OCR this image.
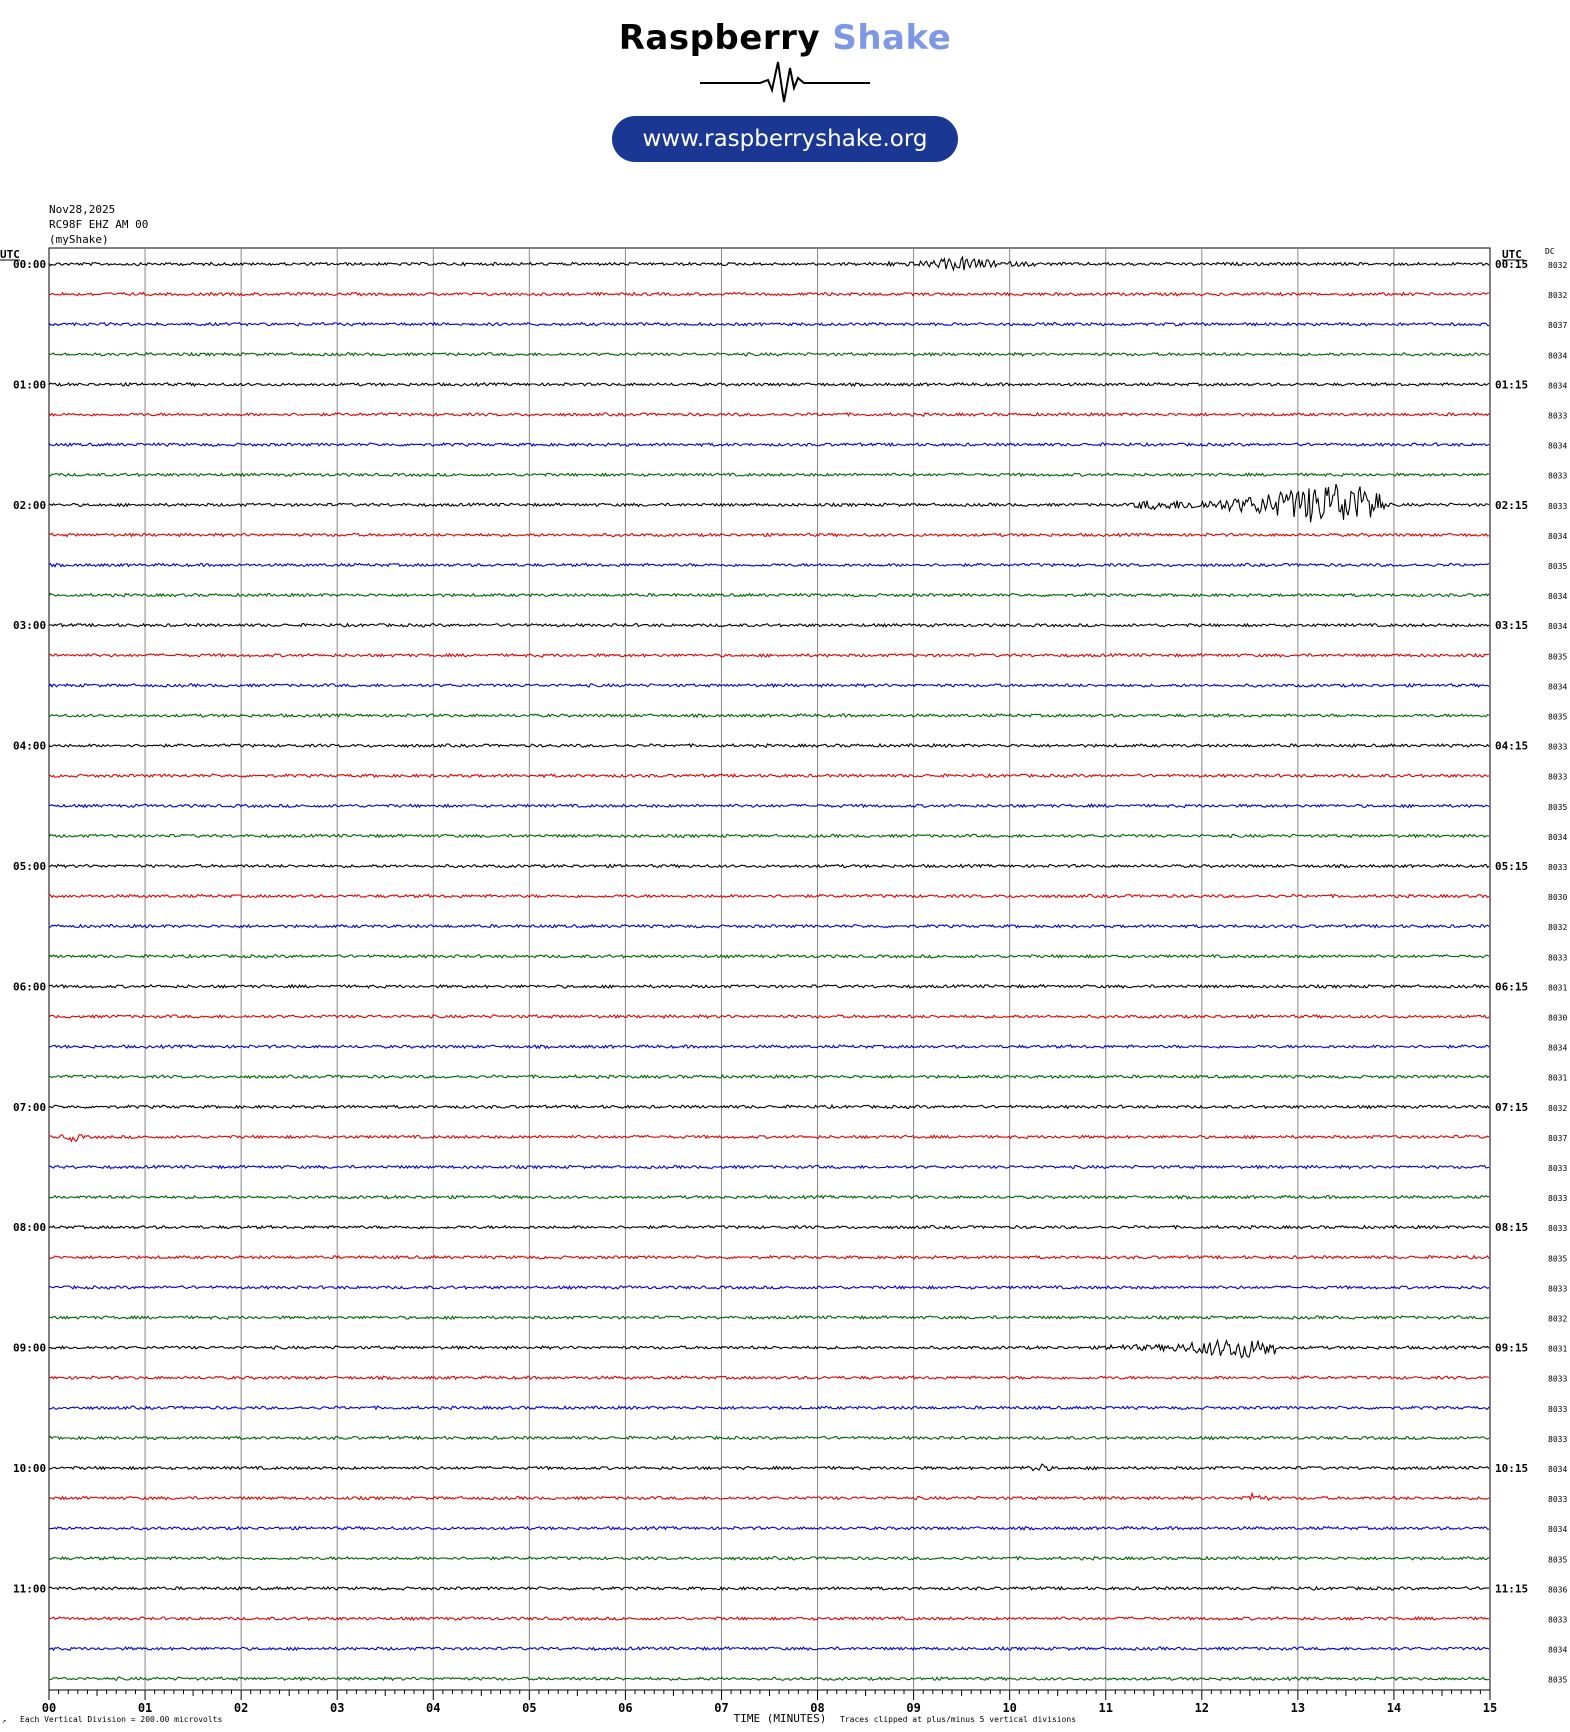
Raspberry Shake
www.raspberryshake.org
Nov28,2025
RC98F EHZ AM 00
(myShake)
00	01	02	03	04	05	06	07	08	09	10	11	12	13	14	15
TIME (MINUTES)
Each Vertical Division = 200.00 microvolts	Traces clipped at plus/minus 5 vertical divisions
↗
UTC	UTC	DC
8032
00:00	00:15
8032
8037
8034
8034
01:00	01:15
8033
8034
8033
8033
02:00	02:15
8034
8035
8034
8034
03:00	03:15
8035
8034
8035
8033
04:00	04:15
8033
8035
8034
8033
05:00	05:15
8030
8032
8033
8031
06:00	06:15
8030
8034
8031
8032
07:00	07:15
8037
8033
8033
8033
08:00	08:15
8035
8033
8032
8031
09:00	09:15
8033
8033
8033
8034
10:00	10:15
8033
8034
8035
8036
11:00	11:15
8033
8034
8035
